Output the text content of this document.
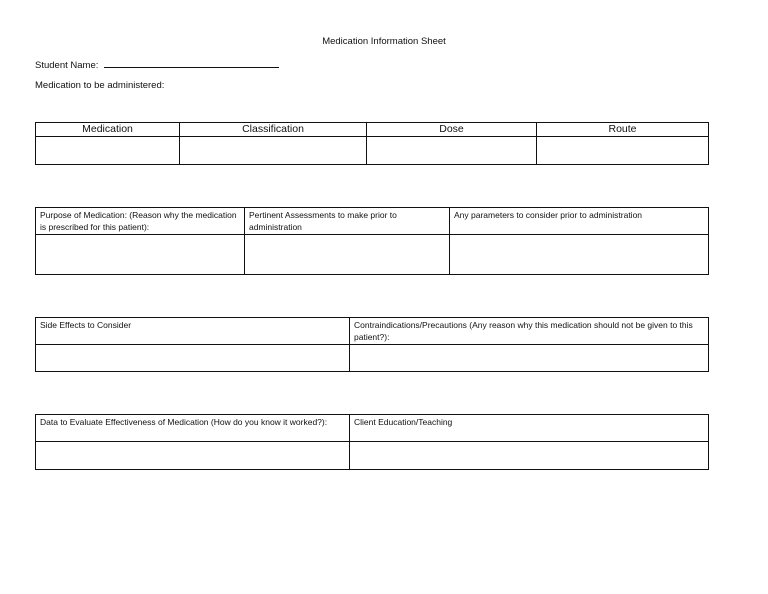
Medication Information Sheet
Student Name:
Medication to be administered:
Medication	Classification	Dose	Route

Purpose of Medication: (Reason why the medication is prescribed for this patient):	Pertinent Assessments to make prior to administration	Any parameters to consider prior to administration

Side Effects to Consider	Contraindications/Precautions (Any reason why this medication should not be given to this patient?):

Data to Evaluate Effectiveness of Medication (How do you know it worked?):	Client Education/Teaching
